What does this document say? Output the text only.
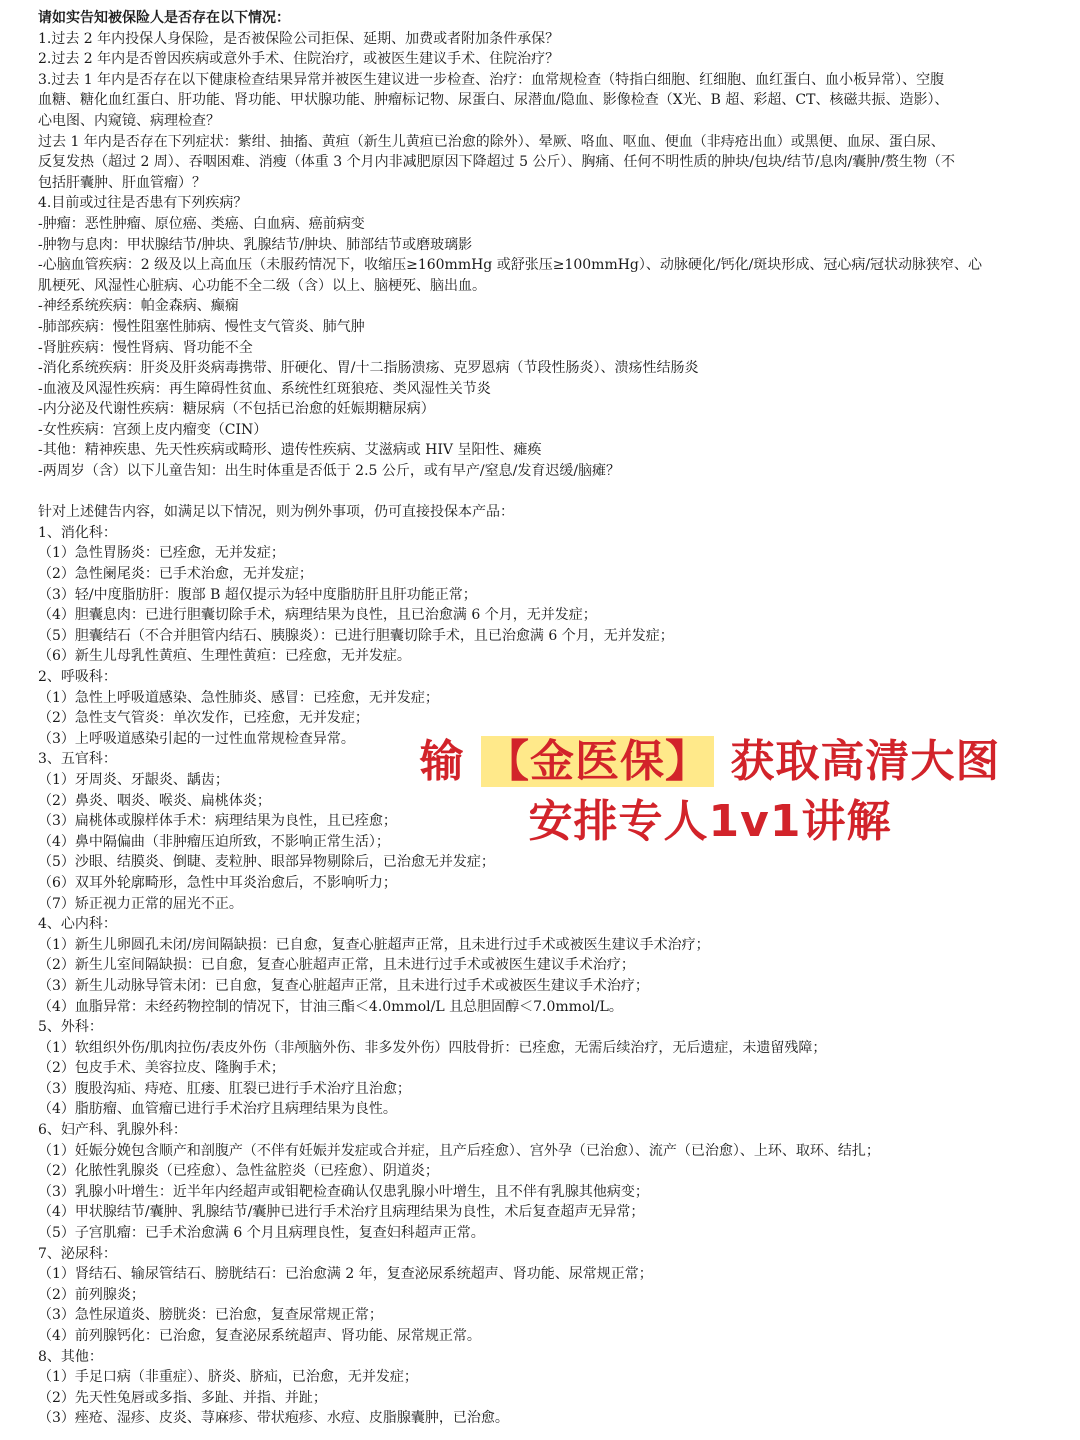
请如实告知被保险人是否存在以下情况：
1.过去 2 年内投保人身保险，是否被保险公司拒保、延期、加费或者附加条件承保？
2.过去 2 年内是否曾因疾病或意外手术、住院治疗，或被医生建议手术、住院治疗？
3.过去 1 年内是否存在以下健康检查结果异常并被医生建议进一步检查、治疗：血常规检查（特指白细胞、红细胞、血红蛋白、血小板异常）、空腹
血糖、糖化血红蛋白、肝功能、肾功能、甲状腺功能、肿瘤标记物、尿蛋白、尿潜血/隐血、影像检查（X光、B 超、彩超、CT、核磁共振、造影）、
心电图、内窥镜、病理检查？
过去 1 年内是否存在下列症状：紫绀、抽搐、黄疸（新生儿黄疸已治愈的除外）、晕厥、咯血、呕血、便血（非痔疮出血）或黑便、血尿、蛋白尿、
反复发热（超过 2 周）、吞咽困难、消瘦（体重 3 个月内非减肥原因下降超过 5 公斤）、胸痛、任何不明性质的肿块/包块/结节/息肉/囊肿/赘生物（不
包括肝囊肿、肝血管瘤）？
4.目前或过往是否患有下列疾病？
-肿瘤：恶性肿瘤、原位癌、类癌、白血病、癌前病变
-肿物与息肉：甲状腺结节/肿块、乳腺结节/肿块、肺部结节或磨玻璃影
-心脑血管疾病：2 级及以上高血压（未服药情况下，收缩压≥160mmHg 或舒张压≥100mmHg）、动脉硬化/钙化/斑块形成、冠心病/冠状动脉狭窄、心
肌梗死、风湿性心脏病、心功能不全二级（含）以上、脑梗死、脑出血。
-神经系统疾病：帕金森病、癫痫
-肺部疾病：慢性阻塞性肺病、慢性支气管炎、肺气肿
-肾脏疾病：慢性肾病、肾功能不全
-消化系统疾病：肝炎及肝炎病毒携带、肝硬化、胃/十二指肠溃疡、克罗恩病（节段性肠炎）、溃疡性结肠炎
-血液及风湿性疾病：再生障碍性贫血、系统性红斑狼疮、类风湿性关节炎
-内分泌及代谢性疾病：糖尿病（不包括已治愈的妊娠期糖尿病）
-女性疾病：宫颈上皮内瘤变（CIN）
-其他：精神疾患、先天性疾病或畸形、遗传性疾病、艾滋病或 HIV 呈阳性、瘫痪
-两周岁（含）以下儿童告知：出生时体重是否低于 2.5 公斤，或有早产/窒息/发育迟缓/脑瘫？
针对上述健告内容，如满足以下情况，则为例外事项，仍可直接投保本产品：
1、消化科：
（1）急性胃肠炎：已痊愈，无并发症；
（2）急性阑尾炎：已手术治愈，无并发症；
（3）轻/中度脂肪肝：腹部 B 超仅提示为轻中度脂肪肝且肝功能正常；
（4）胆囊息肉：已进行胆囊切除手术，病理结果为良性，且已治愈满 6 个月，无并发症；
（5）胆囊结石（不合并胆管内结石、胰腺炎）：已进行胆囊切除手术，且已治愈满 6 个月，无并发症；
（6）新生儿母乳性黄疸、生理性黄疸：已痊愈，无并发症。
2、呼吸科：
（1）急性上呼吸道感染、急性肺炎、感冒：已痊愈，无并发症；
（2）急性支气管炎：单次发作，已痊愈，无并发症；
（3）上呼吸道感染引起的一过性血常规检查异常。
3、五官科：
（1）牙周炎、牙龈炎、龋齿；
（2）鼻炎、咽炎、喉炎、扁桃体炎；
（3）扁桃体或腺样体手术：病理结果为良性，且已痊愈；
（4）鼻中隔偏曲（非肿瘤压迫所致，不影响正常生活）；
（5）沙眼、结膜炎、倒睫、麦粒肿、眼部异物剔除后，已治愈无并发症；
（6）双耳外轮廓畸形，急性中耳炎治愈后，不影响听力；
（7）矫正视力正常的屈光不正。
4、心内科：
（1）新生儿卵圆孔未闭/房间隔缺损：已自愈，复查心脏超声正常，且未进行过手术或被医生建议手术治疗；
（2）新生儿室间隔缺损：已自愈，复查心脏超声正常，且未进行过手术或被医生建议手术治疗；
（3）新生儿动脉导管未闭：已自愈，复查心脏超声正常，且未进行过手术或被医生建议手术治疗；
（4）血脂异常：未经药物控制的情况下，甘油三酯＜4.0mmol/L 且总胆固醇＜7.0mmol/L。
5、外科：
（1）软组织外伤/肌肉拉伤/表皮外伤（非颅脑外伤、非多发外伤）四肢骨折：已痊愈，无需后续治疗，无后遗症，未遗留残障；
（2）包皮手术、美容拉皮、隆胸手术；
（3）腹股沟疝、痔疮、肛瘘、肛裂已进行手术治疗且治愈；
（4）脂肪瘤、血管瘤已进行手术治疗且病理结果为良性。
6、妇产科、乳腺外科：
（1）妊娠分娩包含顺产和剖腹产（不伴有妊娠并发症或合并症，且产后痊愈）、宫外孕（已治愈）、流产（已治愈）、上环、取环、结扎；
（2）化脓性乳腺炎（已痊愈）、急性盆腔炎（已痊愈）、阴道炎；
（3）乳腺小叶增生：近半年内经超声或钼靶检查确认仅患乳腺小叶增生，且不伴有乳腺其他病变；
（4）甲状腺结节/囊肿、乳腺结节/囊肿已进行手术治疗且病理结果为良性，术后复查超声无异常；
（5）子宫肌瘤：已手术治愈满 6 个月且病理良性，复查妇科超声正常。
7、泌尿科：
（1）肾结石、输尿管结石、膀胱结石：已治愈满 2 年，复查泌尿系统超声、肾功能、尿常规正常；
（2）前列腺炎；
（3）急性尿道炎、膀胱炎：已治愈，复查尿常规正常；
（4）前列腺钙化：已治愈，复查泌尿系统超声、肾功能、尿常规正常。
8、其他：
（1）手足口病（非重症）、脐炎、脐疝，已治愈，无并发症；
（2）先天性兔唇或多指、多趾、并指、并趾；
（3）痤疮、湿疹、皮炎、荨麻疹、带状疱疹、水痘、皮脂腺囊肿，已治愈。
输 【金医保】 获取高清大图
安排专人1v1讲解
